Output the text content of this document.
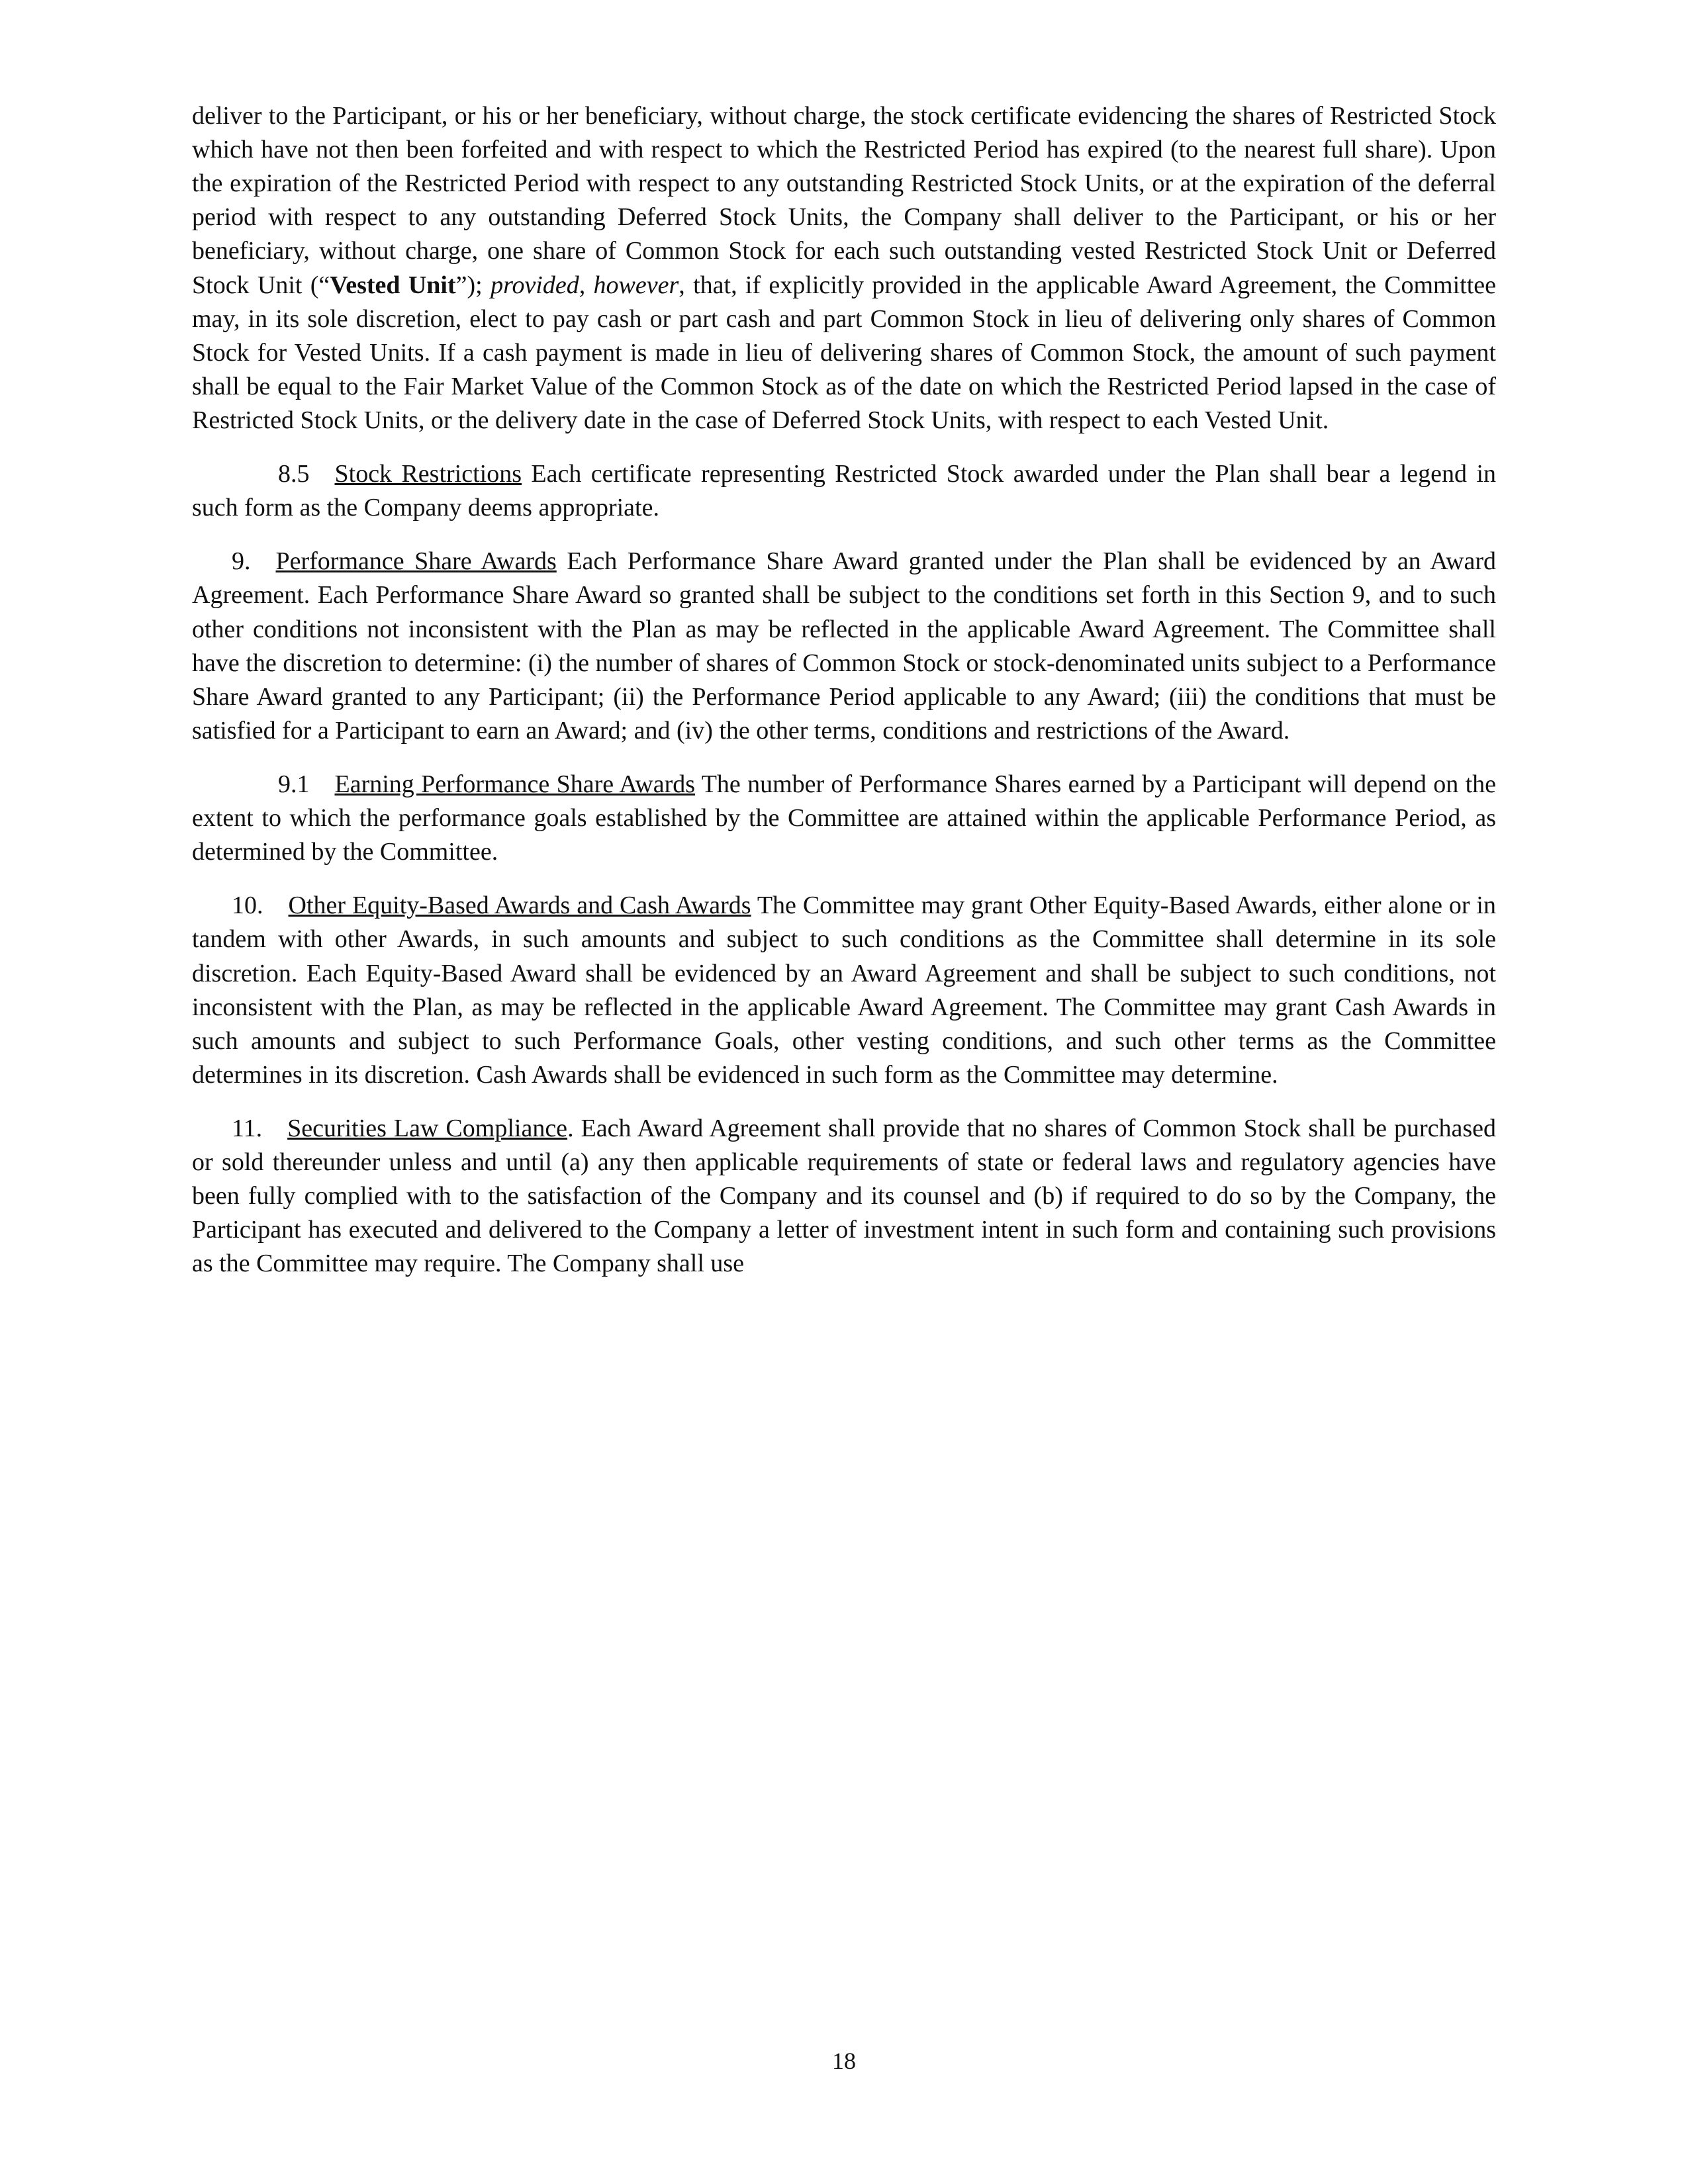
deliver to the Participant, or his or her beneficiary, without charge, the stock certificate evidencing the shares of Restricted Stock which have not then been forfeited and with respect to which the Restricted Period has expired (to the nearest full share). Upon the expiration of the Restricted Period with respect to any outstanding Restricted Stock Units, or at the expiration of the deferral period with respect to any outstanding Deferred Stock Units, the Company shall deliver to the Participant, or his or her beneficiary, without charge, one share of Common Stock for each such outstanding vested Restricted Stock Unit or Deferred Stock Unit (“Vested Unit”); provided, however, that, if explicitly provided in the applicable Award Agreement, the Committee may, in its sole discretion, elect to pay cash or part cash and part Common Stock in lieu of delivering only shares of Common Stock for Vested Units. If a cash payment is made in lieu of delivering shares of Common Stock, the amount of such payment shall be equal to the Fair Market Value of the Common Stock as of the date on which the Restricted Period lapsed in the case of Restricted Stock Units, or the delivery date in the case of Deferred Stock Units, with respect to each Vested Unit.

8.5  Stock Restrictions Each certificate representing Restricted Stock awarded under the Plan shall bear a legend in such form as the Company deems appropriate.

9.  Performance Share Awards Each Performance Share Award granted under the Plan shall be evidenced by an Award Agreement. Each Performance Share Award so granted shall be subject to the conditions set forth in this Section 9, and to such other conditions not inconsistent with the Plan as may be reflected in the applicable Award Agreement. The Committee shall have the discretion to determine: (i) the number of shares of Common Stock or stock-denominated units subject to a Performance Share Award granted to any Participant; (ii) the Performance Period applicable to any Award; (iii) the conditions that must be satisfied for a Participant to earn an Award; and (iv) the other terms, conditions and restrictions of the Award.

9.1  Earning Performance Share Awards The number of Performance Shares earned by a Participant will depend on the extent to which the performance goals established by the Committee are attained within the applicable Performance Period, as determined by the Committee.

10.  Other Equity-Based Awards and Cash Awards The Committee may grant Other Equity-Based Awards, either alone or in tandem with other Awards, in such amounts and subject to such conditions as the Committee shall determine in its sole discretion. Each Equity-Based Award shall be evidenced by an Award Agreement and shall be subject to such conditions, not inconsistent with the Plan, as may be reflected in the applicable Award Agreement. The Committee may grant Cash Awards in such amounts and subject to such Performance Goals, other vesting conditions, and such other terms as the Committee determines in its discretion. Cash Awards shall be evidenced in such form as the Committee may determine.

11.  Securities Law Compliance. Each Award Agreement shall provide that no shares of Common Stock shall be purchased or sold thereunder unless and until (a) any then applicable requirements of state or federal laws and regulatory agencies have been fully complied with to the satisfaction of the Company and its counsel and (b) if required to do so by the Company, the Participant has executed and delivered to the Company a letter of investment intent in such form and containing such provisions as the Committee may require. The Company shall use

18
